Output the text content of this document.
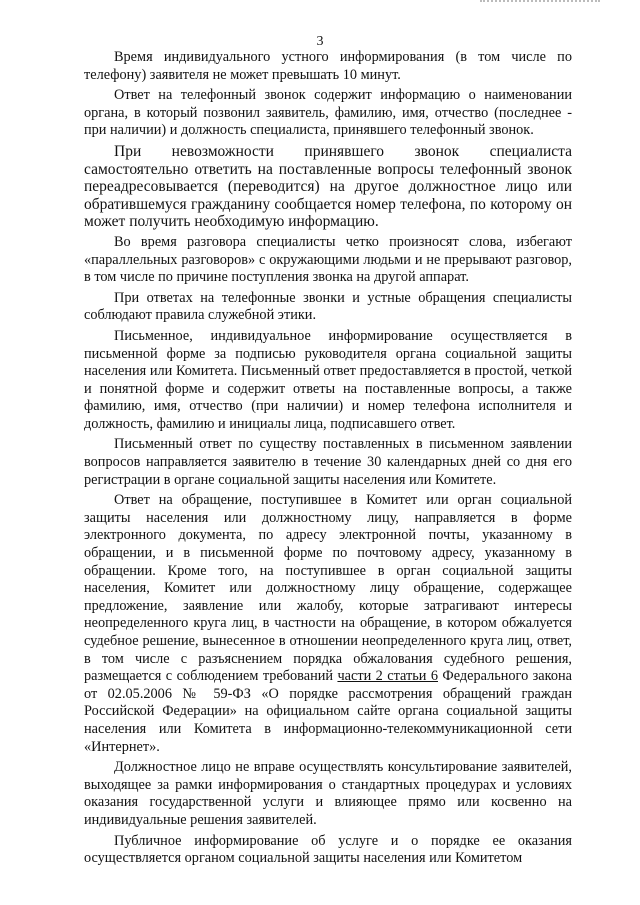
3

Время индивидуального устного информирования (в том числе по телефону) заявителя не может превышать 10 минут.

Ответ на телефонный звонок содержит информацию о наименовании органа, в который позвонил заявитель, фамилию, имя, отчество (последнее - при наличии) и должность специалиста, принявшего телефонный звонок.

При невозможности принявшего звонок специалиста самостоятельно ответить на поставленные вопросы телефонный звонок переадресовывается (переводится) на другое должностное лицо или обратившемуся гражданину сообщается номер телефона, по которому он может получить необходимую информацию.

Во время разговора специалисты четко произносят слова, избегают «параллельных разговоров» с окружающими людьми и не прерывают разговор, в том числе по причине поступления звонка на другой аппарат.

При ответах на телефонные звонки и устные обращения специалисты соблюдают правила служебной этики.

Письменное, индивидуальное информирование осуществляется в письменной форме за подписью руководителя органа социальной защиты населения или Комитета. Письменный ответ предоставляется в простой, четкой и понятной форме и содержит ответы на поставленные вопросы, а также фамилию, имя, отчество (при наличии) и номер телефона исполнителя и должность, фамилию и инициалы лица, подписавшего ответ.

Письменный ответ по существу поставленных в письменном заявлении вопросов направляется заявителю в течение 30 календарных дней со дня его регистрации в органе социальной защиты населения или Комитете.

Ответ на обращение, поступившее в Комитет или орган социальной защиты населения или должностному лицу, направляется в форме электронного документа, по адресу электронной почты, указанному в обращении, и в письменной форме по почтовому адресу, указанному в обращении. Кроме того, на поступившее в орган социальной защиты населения, Комитет или должностному лицу обращение, содержащее предложение, заявление или жалобу, которые затрагивают интересы неопределенного круга лиц, в частности на обращение, в котором обжалуется судебное решение, вынесенное в отношении неопределенного круга лиц, ответ, в том числе с разъяснением порядка обжалования судебного решения, размещается с соблюдением требований части 2 статьи 6 Федерального закона от 02.05.2006 № 59-ФЗ «О порядке рассмотрения обращений граждан Российской Федерации» на официальном сайте органа социальной защиты населения или Комитета в информационно-телекоммуникационной сети «Интернет».

Должностное лицо не вправе осуществлять консультирование заявителей, выходящее за рамки информирования о стандартных процедурах и условиях оказания государственной услуги и влияющее прямо или косвенно на индивидуальные решения заявителей.

Публичное информирование об услуге и о порядке ее оказания осуществляется органом социальной защиты населения или Комитетом
